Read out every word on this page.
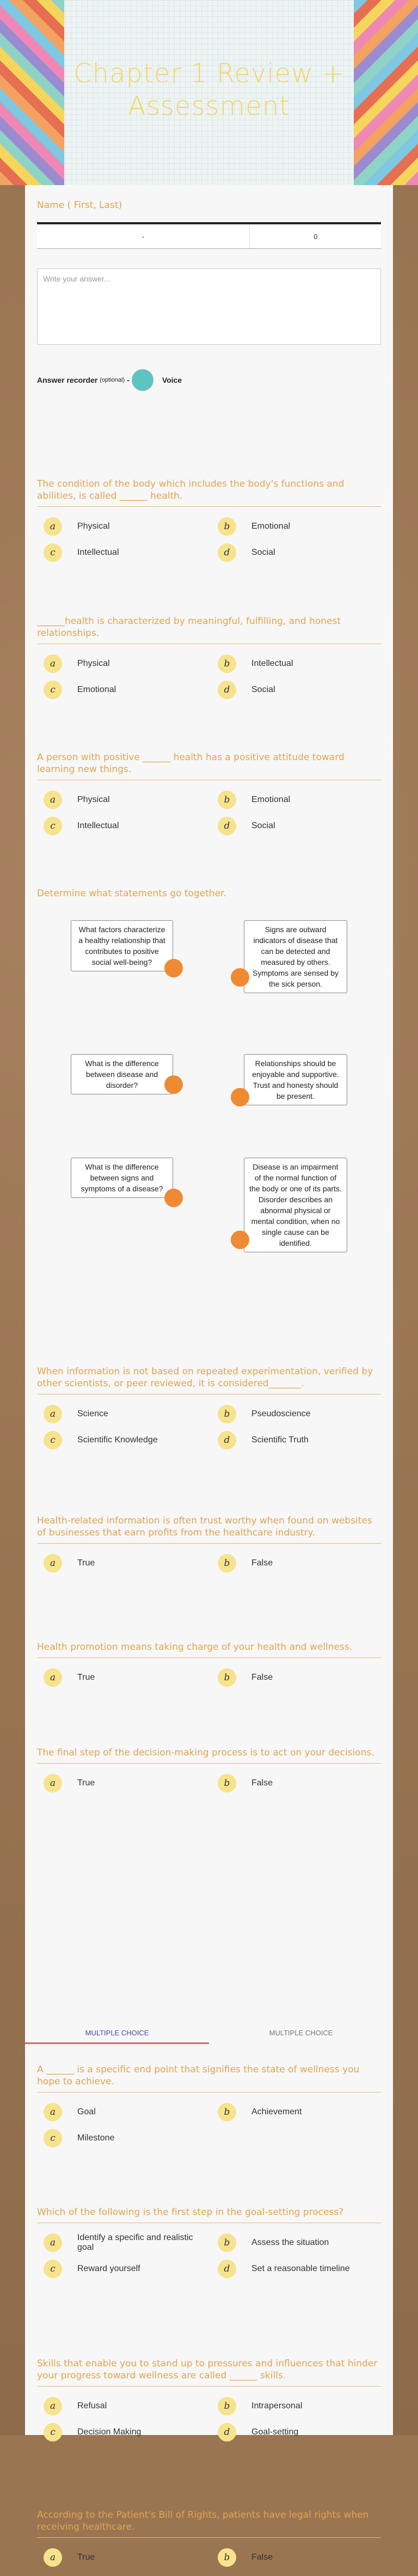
Chapter 1 Review + Assessment
Name ( First, Last)
-	0
Write your answer...
Answer recorder (optional) -	Voice
The condition of the body which includes the body's functions and abilities, is called ______ health.
a	Physical	b	Emotional
c	Intellectual	d	Social
______health is characterized by meaningful, fulfilling, and honest relationships.
a	Physical	b	Intellectual
c	Emotional	d	Social
A person with positive ______ health has a positive attitude toward learning new things.
a	Physical	b	Emotional
c	Intellectual	d	Social
Determine what statements go together.
What factors characterize a healthy relationship that contributes to positive social well-being?
Signs are outward indicators of disease that can be detected and measured by others. Symptoms are sensed by the sick person.
What is the difference between disease and disorder?
Relationships should be enjoyable and supportive. Trust and honesty should be present.
What is the difference between signs and symptoms of a disease?
Disease is an impairment of the normal function of the body or one of its parts. Disorder describes an abnormal physical or mental condition, when no single cause can be identified.
When information is not based on repeated experimentation, verified by other scientists, or peer reviewed, it is considered_______.
a	Science	b	Pseudoscience
c	Scientific Knowledge	d	Scientific Truth
Health-related information is often trust worthy when found on websites of businesses that earn profits from the healthcare industry.
a	True	b	False
Health promotion means taking charge of your health and wellness.
a	True	b	False
The final step of the decision-making process is to act on your decisions.
a	True	b	False
MULTIPLE CHOICE	MULTIPLE CHOICE
A ______ is a specific end point that signifies the state of wellness you hope to achieve.
a	Goal	b	Achievement
c	Milestone
Which of the following is the first step in the goal-setting process?
a	Identify a specific and realistic goal	b	Assess the situation
c	Reward yourself	d	Set a reasonable timeline
Skills that enable you to stand up to pressures and influences that hinder your progress toward wellness are called ______ skills.
a	Refusal	b	Intrapersonal
c	Decision Making	d	Goal-setting
According to the Patient's Bill of Rights, patients have legal rights when receiving healthcare.
a	True	b	False
